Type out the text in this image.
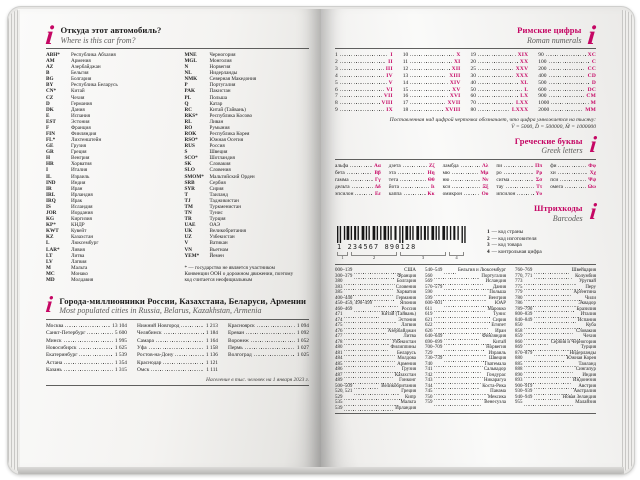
i Откуда этот автомобиль?
Where is this car from?
ABH*	Республика Абхазия
AM	Армения
AZ	Азербайджан
B	Бельгия
BG	Болгария
BY	Республика Беларусь
CN*	Китай
CZ	Чехия
D	Германия
DK	Дания
E	Испания
EST	Эстония
F	Франция
FIN	Финляндия
FL*	Лихтенштейн
GE	Грузия
GR	Греция
H	Венгрия
HR	Хорватия
I	Италия
IL	Израиль
IND	Индия
IR	Иран
IRL	Ирландия
IRQ	Ирак
IS	Исландия
JOR	Иордания
KG	Киргизия
KP*	КНДР
KWT	Кувейт
KZ	Казахстан
L	Люксембург
LAR*	Ливия
LT	Литва
LV	Латвия
M	Мальта
MC	Монако
MD	Молдавия
MNE	Черногория
MGL	Монголия
N	Норвегия
NL	Нидерланды
NMK	Северная Македония
P	Португалия
PAK	Пакистан
PL	Польша
Q	Катар
RC	Китай (Тайвань)
RKS*	Республика Косово
RL	Ливан
RO	Румыния
ROK	Республика Корея
RSO*	Южная Осетия
RUS	Россия
S	Швеция
SCO*	Шотландия
SK	Словакия
SLO	Словения
SMOM*	Мальтийский Орден
SRB	Сербия
SYR	Сирия
T	Таиланд
TJ	Таджикистан
TM	Туркменистан
TN	Тунис
TR	Турция
UAE	ОАЭ
UK	Великобритания
UZ	Узбекистан
V	Ватикан
VN	Вьетнам
YEM*	Йемен
* — государство не является участником Конвенции ООН о дорожном движении, поэтому код считается неофициальным
i Города-миллионники России, Казахстана, Беларуси, Армении
Most populated cities in Russia, Belarus, Kazakhstan, Armenia
Москва	13 104
Санкт-Петербург	5 600
Минск	1 995
Новосибирск	1 625
Екатеринбург	1 539
Астана	1 354
Казань	1 315
Нижний Новгород	1 213
Челябинск	1 184
Самара	1 164
Уфа	1 158
Ростов-на-Дону	1 136
Краснодар	1 121
Омск	1 111
Красноярск	1 094
Ереван	1 092
Воронеж	1 052
Пермь	1 027
Волгоград	1 025
Население в тыс. человек на 1 января 2023 г.
Римские цифры
Roman numerals i
1	I
2	II
3	III
4	IV
5	V
6	VI
7	VII
8	VIII
9	IX
10	X
11	XI
12	XII
13	XIII
14	XIV
15	XV
16	XVI
17	XVII
18	XVIII
19	XIX
20	XX
25	XXV
30	XXX
40	XL
50	L
60	LX
70	LXX
80	LXXX
90	XC
100	C
200	CC
400	CD
500	D
600	DC
900	CM
1000	M
2000	MM
Поставленная над цифрой черточка обозначает, что цифра умножается на тысячу:
V̄ = 5000, D̄ = 500000, M̄ = 1000000
Греческие буквы
Greek letters i
альфа	Αα
бета	Ββ
гамма	Γγ
дельта	Δδ
эпсилон	Εε
дзета	Ζζ
эта	Ηη
тета	Θθ
йота	Ιι
каппа	Κκ
ламбда	Λλ
мю	Μμ
ню	Νν
кси	Ξξ
омикрон	Οο
пи	Ππ
ро	Ρρ
сигма	Σσ
тау	Ττ
ипсилон	Υυ
фи	Φφ
хи	Χχ
пси	Ψψ
омега	Ωω
Штрихкоды
Barcodes i
1 234567 890128
1	2	3	4
1 — код страны
2 — код изготовителя
3 — код товара
4 — контрольная цифра
000–139	США
300–379	Франция
380	Болгария
383	Словения
385	Хорватия
400–440	Германия
450–459, 490–499	Япония
460–469	Россия
471	Китай (Тайвань)
474	Эстония
475	Латвия
476	Азербайджан
477	Литва
478	Узбекистан
480	Филиппины
481	Беларусь
484	Молдова
485	Армения
486	Грузия
487	Казахстан
489	Гонконг
500–509	Великобритания
520, 521	Греция
529	Кипр
535	Мальта
539	Ирландия
540–549	Бельгия и Люксембург
560	Португалия
569	Исландия
570–579	Дания
590	Польша
599	Венгрия
600–601	ЮАР
611	Марокко
619	Тунис
621	Сирия
622	Египет
626	Иран
640–649	Финляндия
690–699	Китай
700–709	Норвегия
729	Израиль
730–739	Швеция
740	Гватемала
741	Сальвадор
742	Гондурас
743	Никарагуа
744	Коста-Рика
745	Панама
750	Мексика
759	Венесуэла
760–769	Швейцария
770, 771	Колумбия
773	Уругвай
775	Перу
779	Аргентина
780	Чили
786	Эквадор
789–790	Бразилия
800–839	Италия
840–849	Испания
850	Куба
858	Словакия
859	Чехия
860	Сербия и Черногория
869	Турция
870–879	Нидерланды
880	Южная Корея
885	Таиланд
888	Сингапур
890	Индия
893	Индонезия
900–919	Австрия
930–939	Австралия
940–949	Новая Зеландия
955	Малайзия
